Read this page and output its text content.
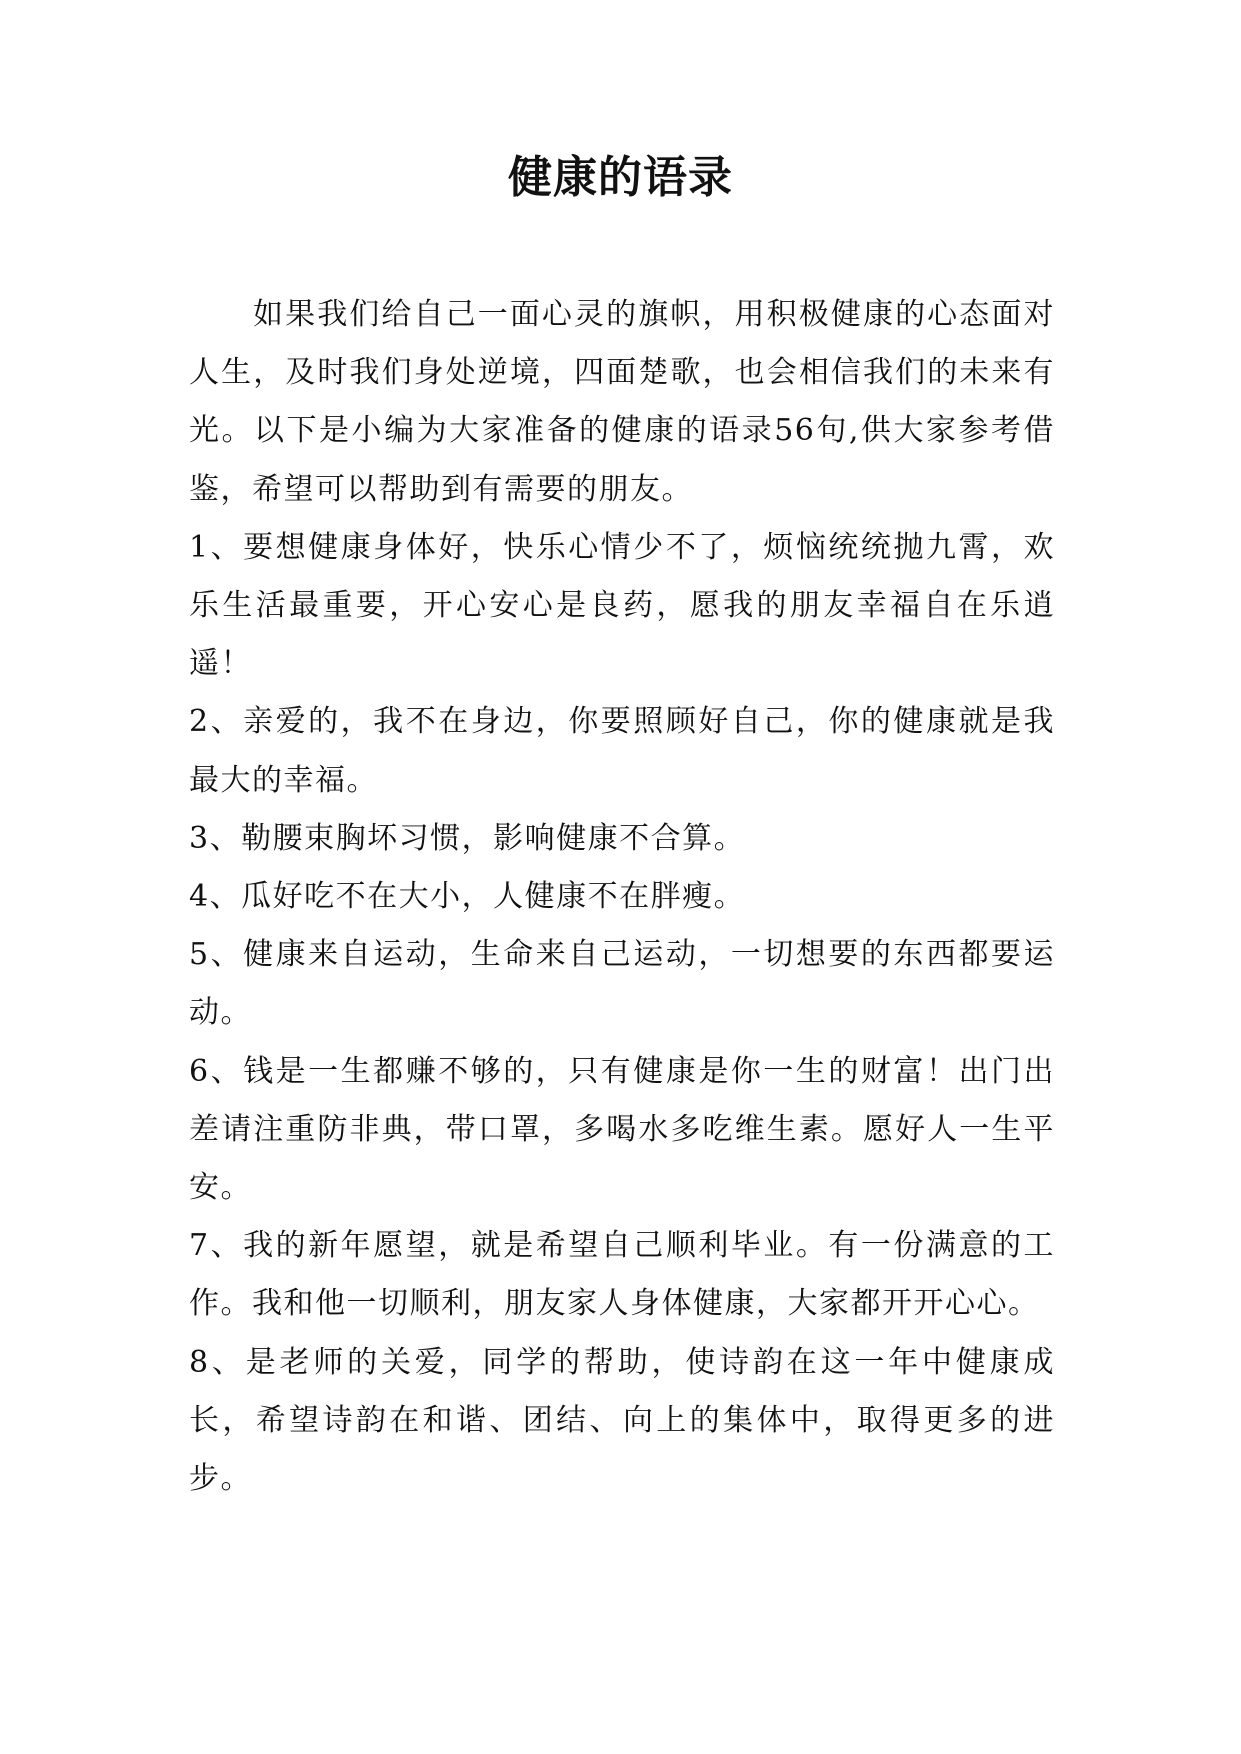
健康的语录

如果我们给自己一面心灵的旗帜，用积极健康的心态面对人生，及时我们身处逆境，四面楚歌，也会相信我们的未来有光。以下是小编为大家准备的健康的语录56句,供大家参考借鉴，希望可以帮助到有需要的朋友。

1、要想健康身体好，快乐心情少不了，烦恼统统抛九霄，欢乐生活最重要，开心安心是良药，愿我的朋友幸福自在乐逍遥！

2、亲爱的，我不在身边，你要照顾好自己，你的健康就是我最大的幸福。

3、勒腰束胸坏习惯，影响健康不合算。

4、瓜好吃不在大小，人健康不在胖瘦。

5、健康来自运动，生命来自己运动，一切想要的东西都要运动。

6、钱是一生都赚不够的，只有健康是你一生的财富！出门出差请注重防非典，带口罩，多喝水多吃维生素。愿好人一生平安。

7、我的新年愿望，就是希望自己顺利毕业。有一份满意的工作。我和他一切顺利，朋友家人身体健康，大家都开开心心。

8、是老师的关爱，同学的帮助，使诗韵在这一年中健康成长，希望诗韵在和谐、团结、向上的集体中，取得更多的进步。
